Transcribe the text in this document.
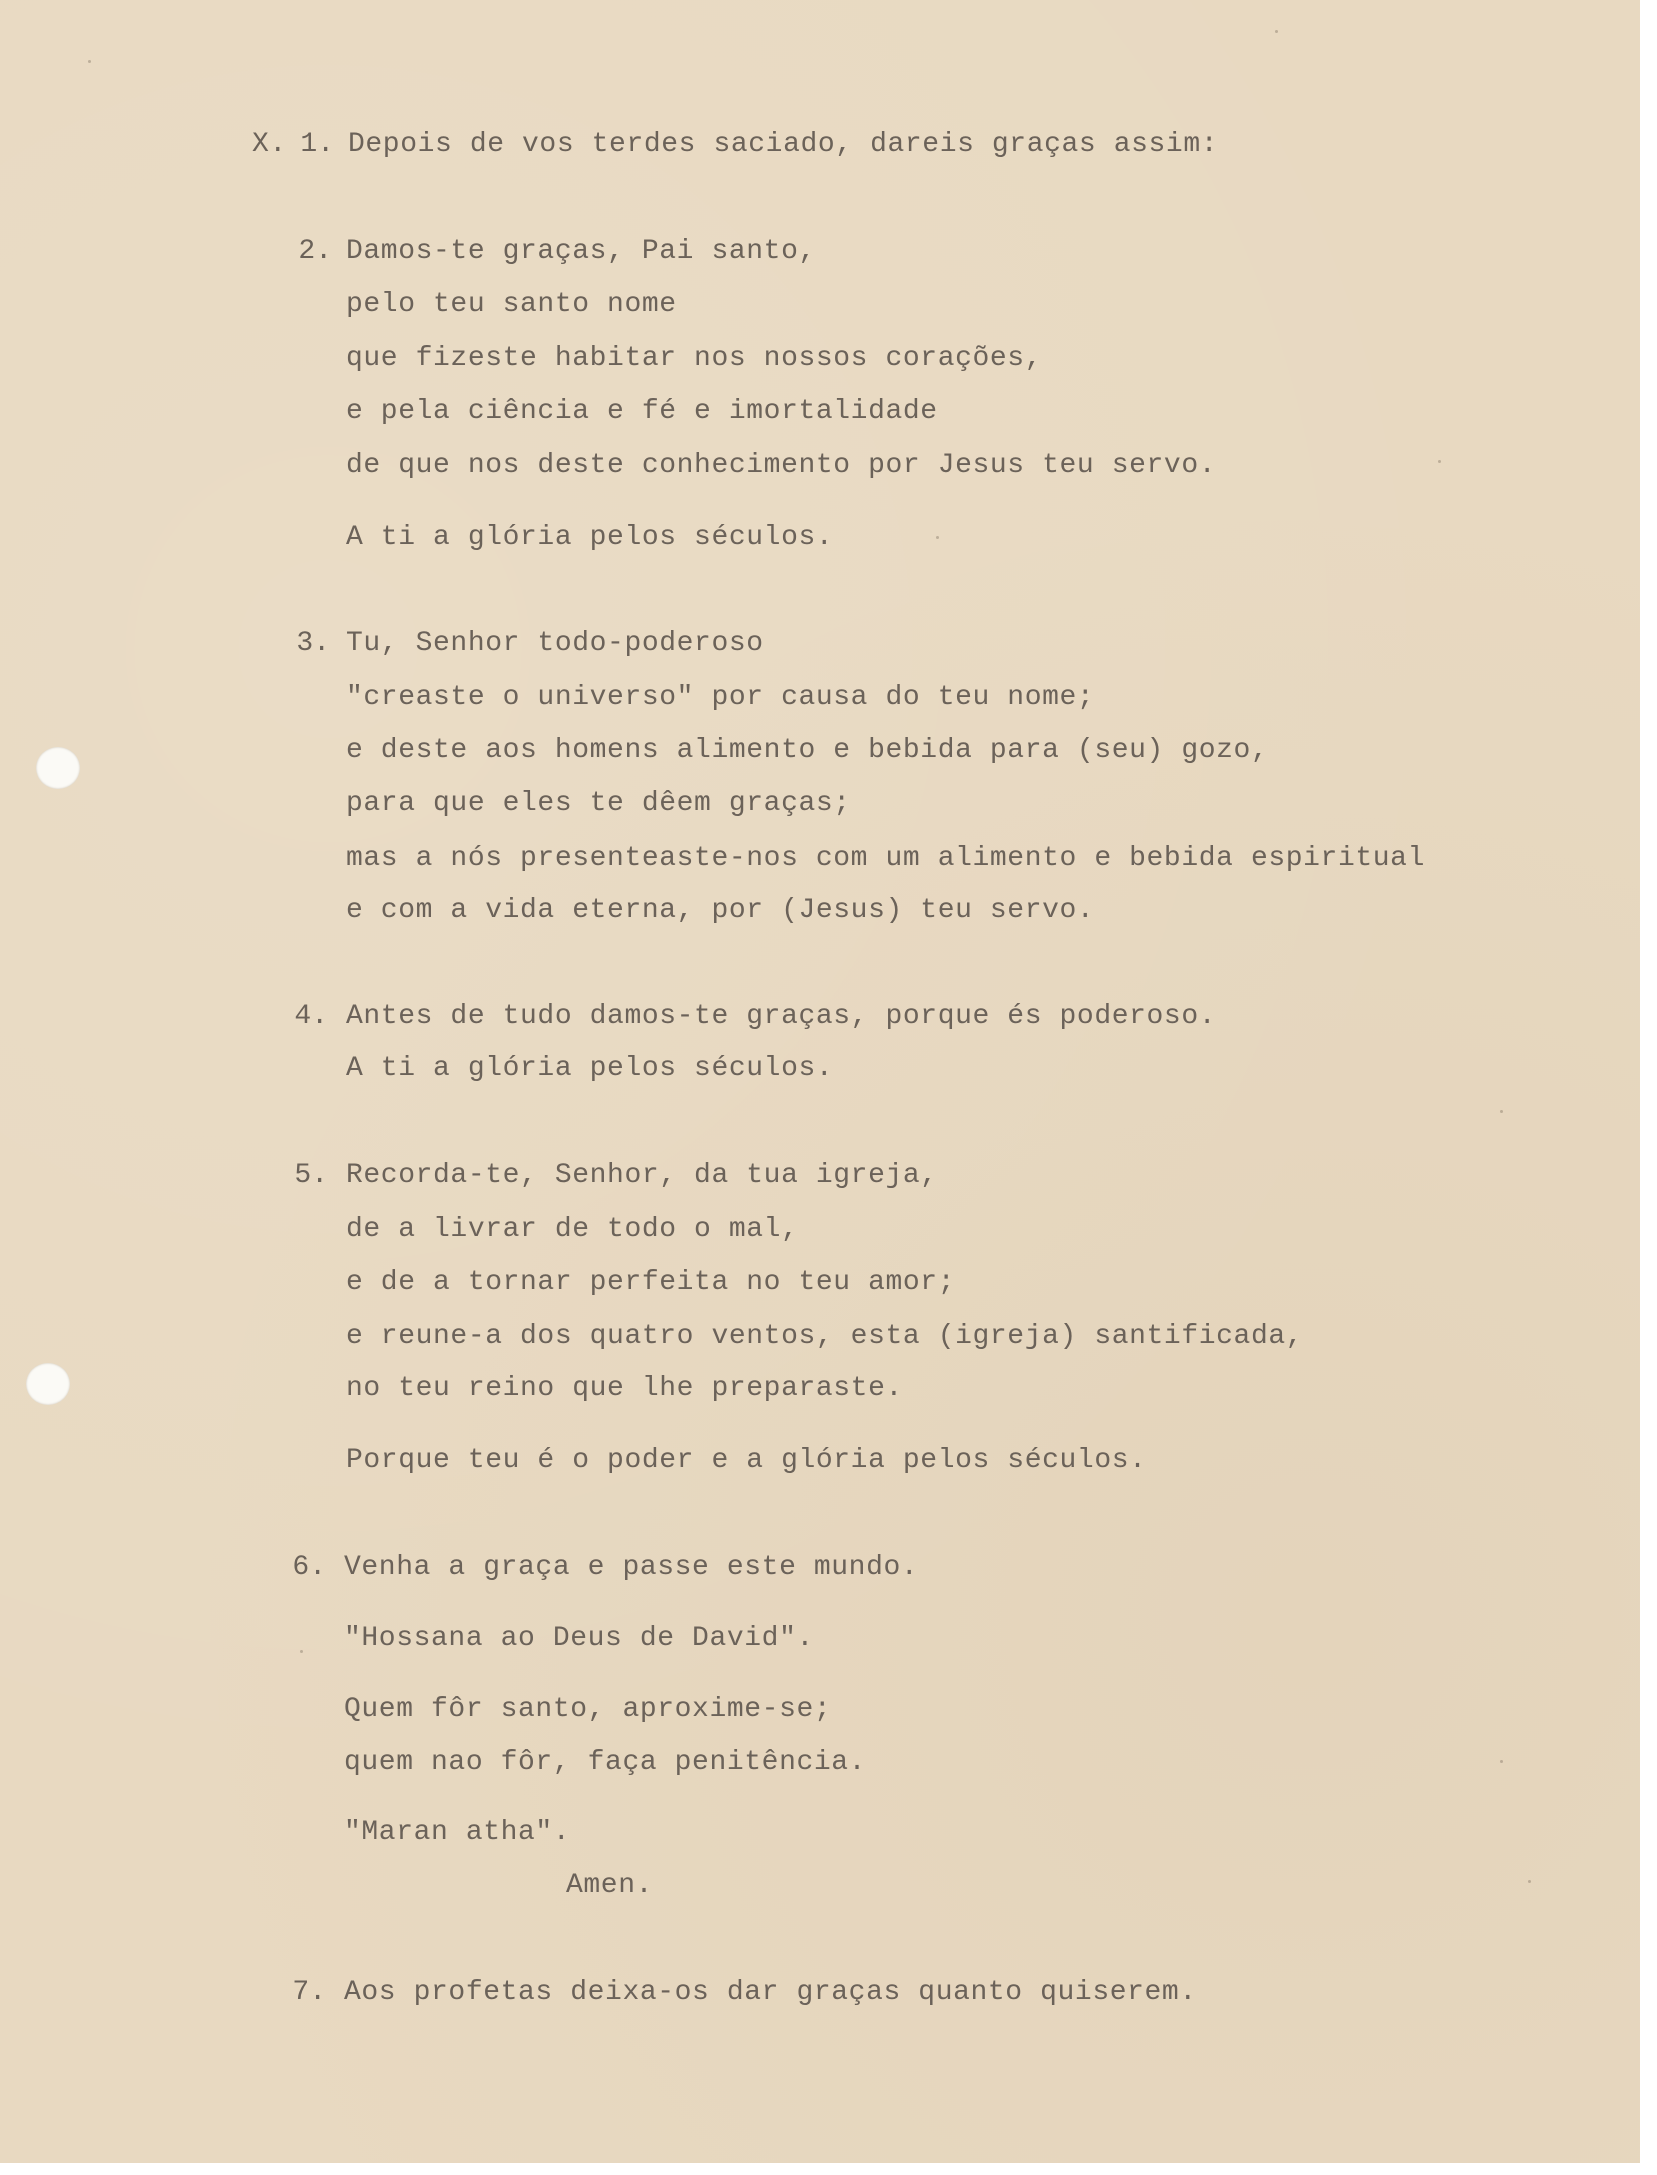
X. 1. Depois de vos terdes saciado, dareis graças assim:

2. Damos-te graças, Pai santo,

pelo teu santo nome

que fizeste habitar nos nossos corações,

e pela ciência e fé e imortalidade

de que nos deste conhecimento por Jesus teu servo.

A ti a glória pelos séculos.

3. Tu, Senhor todo-poderoso

"creaste o universo" por causa do teu nome;

e deste aos homens alimento e bebida para (seu) gozo,

para que eles te dêem graças;

mas a nós presenteaste-nos com um alimento e bebida espiritual

e com a vida eterna, por (Jesus) teu servo.

4. Antes de tudo damos-te graças, porque és poderoso.

A ti a glória pelos séculos.

5. Recorda-te, Senhor, da tua igreja,

de a livrar de todo o mal,

e de a tornar perfeita no teu amor;

e reune-a dos quatro ventos, esta (igreja) santificada,

no teu reino que lhe preparaste.

Porque teu é o poder e a glória pelos séculos.

6. Venha a graça e passe este mundo.

"Hossana ao Deus de David".

Quem fôr santo, aproxime-se;

quem nao fôr, faça penitência.

"Maran atha".

Amen.

7. Aos profetas deixa-os dar graças quanto quiserem.
